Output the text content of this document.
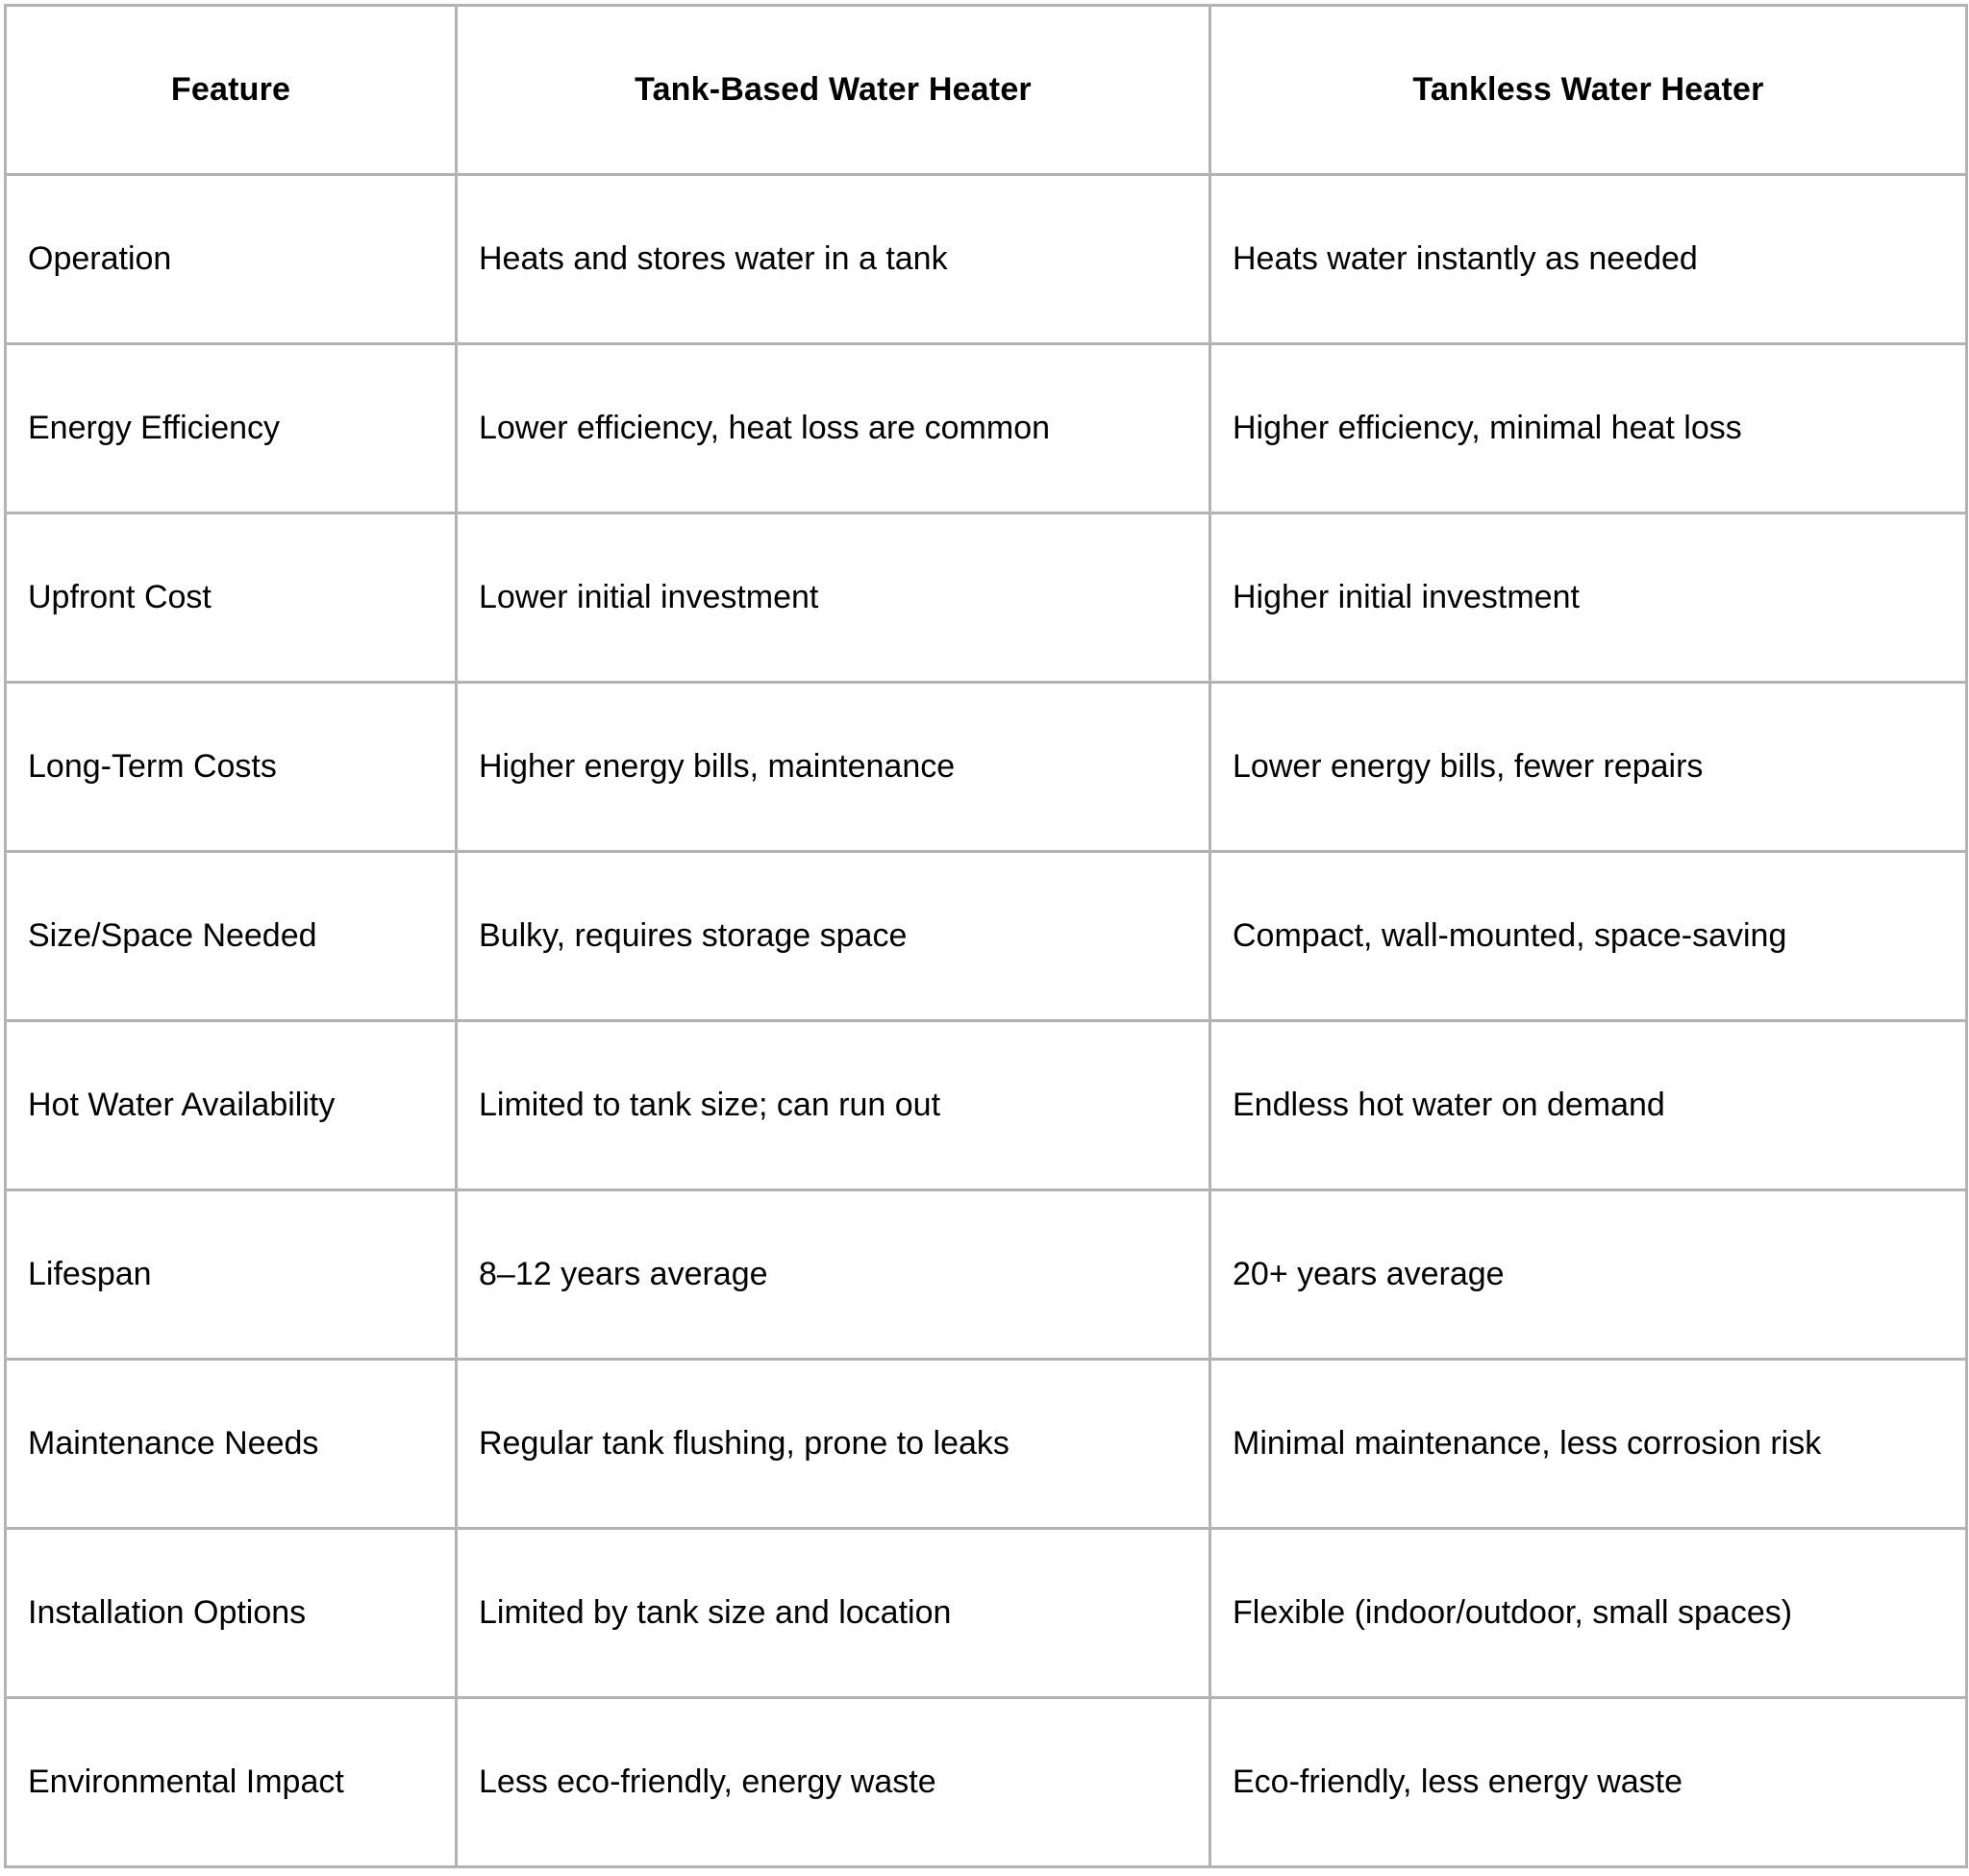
Feature	Tank-Based Water Heater	Tankless Water Heater
Operation	Heats and stores water in a tank	Heats water instantly as needed
Energy Efficiency	Lower efficiency, heat loss are common	Higher efficiency, minimal heat loss
Upfront Cost	Lower initial investment	Higher initial investment
Long-Term Costs	Higher energy bills, maintenance	Lower energy bills, fewer repairs
Size/Space Needed	Bulky, requires storage space	Compact, wall-mounted, space-saving
Hot Water Availability	Limited to tank size; can run out	Endless hot water on demand
Lifespan	8–12 years average	20+ years average
Maintenance Needs	Regular tank flushing, prone to leaks	Minimal maintenance, less corrosion risk
Installation Options	Limited by tank size and location	Flexible (indoor/outdoor, small spaces)
Environmental Impact	Less eco-friendly, energy waste	Eco-friendly, less energy waste
